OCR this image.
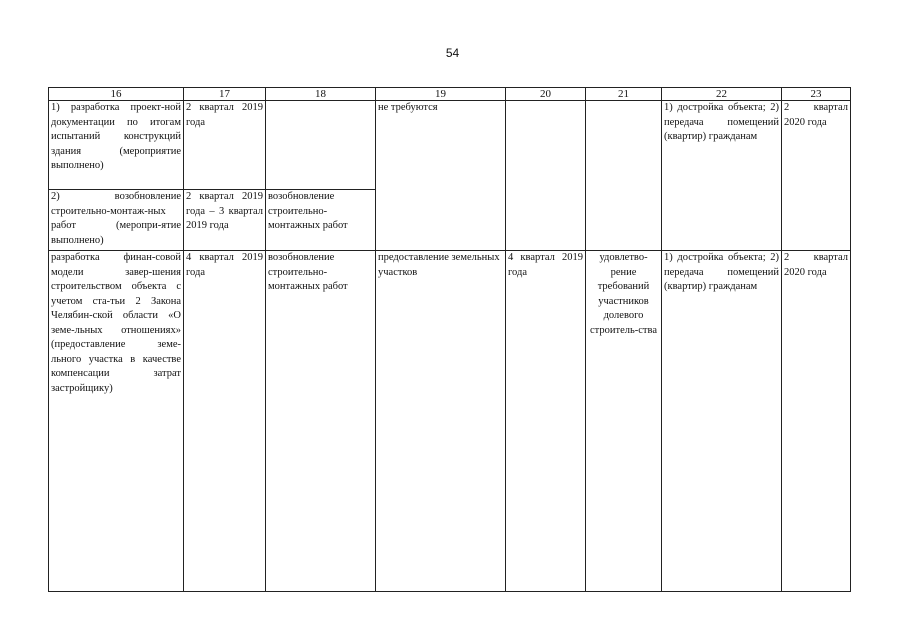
54
16	17	18	19	20	21	22	23
1) разработка проект-ной документации по итогам испытаний конструкций здания (мероприятие выполнено)	2 квартал 2019 года		не требуются			1) достройка объекта; 2) передача помещений (квартир) гражданам	2 квартал 2020 года
2) возобновление строительно-монтаж-ных работ (меропри-ятие выполнено)	2 квартал 2019 года – 3 квартал 2019 года	возобновление строительно-монтажных работ					
разработка финан-совой модели завер-шения строительством объекта с учетом ста-тьи 2 Закона Челябин-ской области «О земе-льных отношениях» (предоставление земе-льного участка в качестве компенсации затрат застройщику)	4 квартал 2019 года	возобновление строительно-монтажных работ	предоставление земельных участков	4 квартал 2019 года	удовлетво-рение требований участников долевого строитель-ства	1) достройка объекта; 2) передача помещений (квартир) гражданам	2 квартал 2020 года
